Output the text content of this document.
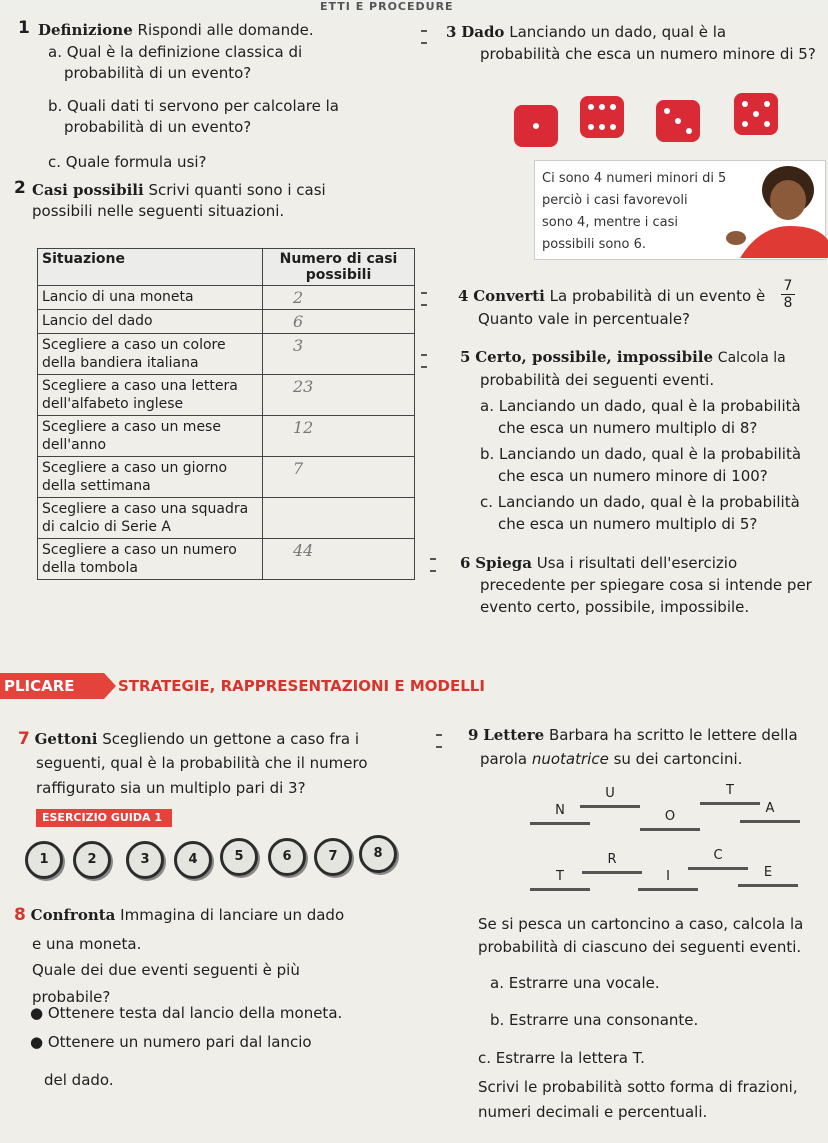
ETTI E PROCEDURE
1 Definizione Rispondi alle domande.
a. Qual è la definizione classica di
probabilità di un evento?
b. Quali dati ti servono per calcolare la
probabilità di un evento?
c. Quale formula usi?
2 Casi possibili Scrivi quanti sono i casi
possibili nelle seguenti situazioni.
Situazione	Numero di casi possibili
Lancio di una moneta	2
Lancio del dado	6
Scegliere a caso un colore della bandiera italiana	3
Scegliere a caso una lettera dell'alfabeto inglese	23
Scegliere a caso un mese dell'anno	12
Scegliere a caso un giorno della settimana	7
Scegliere a caso una squadra di calcio di Serie A	
Scegliere a caso un numero della tombola	44
3 Dado Lanciando un dado, qual è la
probabilità che esca un numero minore di 5?
Ci sono 4 numeri minori di 5
perciò i casi favorevoli
sono 4, mentre i casi
possibili sono 6.
4 Converti La probabilità di un evento è $\frac{7}{8}$
Quanto vale in percentuale?
5 Certo, possibile, impossibile Calcola la
probabilità dei seguenti eventi.
a. Lanciando un dado, qual è la probabilità
che esca un numero multiplo di 8?
b. Lanciando un dado, qual è la probabilità
che esca un numero minore di 100?
c. Lanciando un dado, qual è la probabilità
che esca un numero multiplo di 5?
6 Spiega Usa i risultati dell'esercizio
precedente per spiegare cosa si intende per
evento certo, possibile, impossibile.
PLICARE	STRATEGIE, RAPPRESENTAZIONI E MODELLI
7 Gettoni Scegliendo un gettone a caso fra i
seguenti, qual è la probabilità che il numero
raffigurato sia un multiplo pari di 3?
ESERCIZIO GUIDA 1
1	2	3	4	5	6	7	8
8 Confronta Immagina di lanciare un dado
e una moneta.
Quale dei due eventi seguenti è più
probabile?
● Ottenere testa dal lancio della moneta.
● Ottenere un numero pari dal lancio
del dado.
9 Lettere Barbara ha scritto le lettere della
parola nuotatrice su dei cartoncini.
N
U
O
T
A
T
R
I
C
E
Se si pesca un cartoncino a caso, calcola la
probabilità di ciascuno dei seguenti eventi.
a. Estrarre una vocale.
b. Estrarre una consonante.
c. Estrarre la lettera T.
Scrivi le probabilità sotto forma di frazioni,
numeri decimali e percentuali.
